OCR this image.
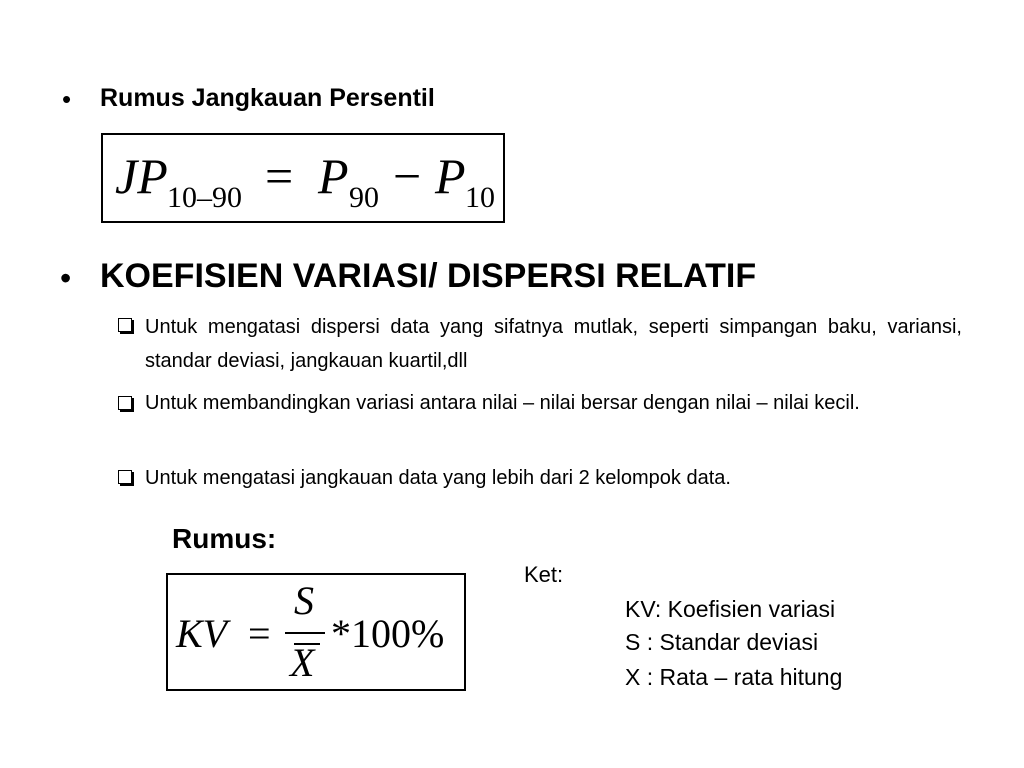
• Rumus Jangkauan Persentil
JP 10–90 = P 90 − P 10
• KOEFISIEN VARIASI/ DISPERSI RELATIF
Untuk mengatasi dispersi data yang sifatnya mutlak, seperti simpangan baku, variansi, standar deviasi, jangkauan kuartil,dll
Untuk membandingkan variasi antara nilai – nilai bersar dengan nilai – nilai kecil.
Untuk mengatasi jangkauan data yang lebih dari 2 kelompok data.
Rumus:
KV =
S
X
*100%
Ket:
KV: Koefisien variasi
S : Standar deviasi
X : Rata – rata hitung
